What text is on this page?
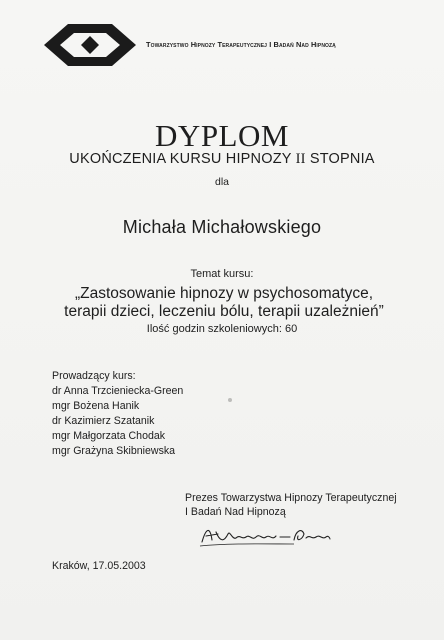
Towarzystwo Hipnozy Terapeutycznej I Badań Nad Hipnozą
DYPLOM
UKOŃCZENIA KURSU HIPNOZY II STOPNIA
dla
Michała Michałowskiego
Temat kursu:
„Zastosowanie hipnozy w psychosomatyce,
terapii dzieci, leczeniu bólu, terapii uzależnień”
Ilość godzin szkoleniowych: 60
Prowadzący kurs:
dr Anna Trzcieniecka-Green
mgr Bożena Hanik
dr Kazimierz Szatanik
mgr Małgorzata Chodak
mgr Grażyna Skibniewska
Prezes Towarzystwa Hipnozy Terapeutycznej
I Badań Nad Hipnozą
Kraków, 17.05.2003
